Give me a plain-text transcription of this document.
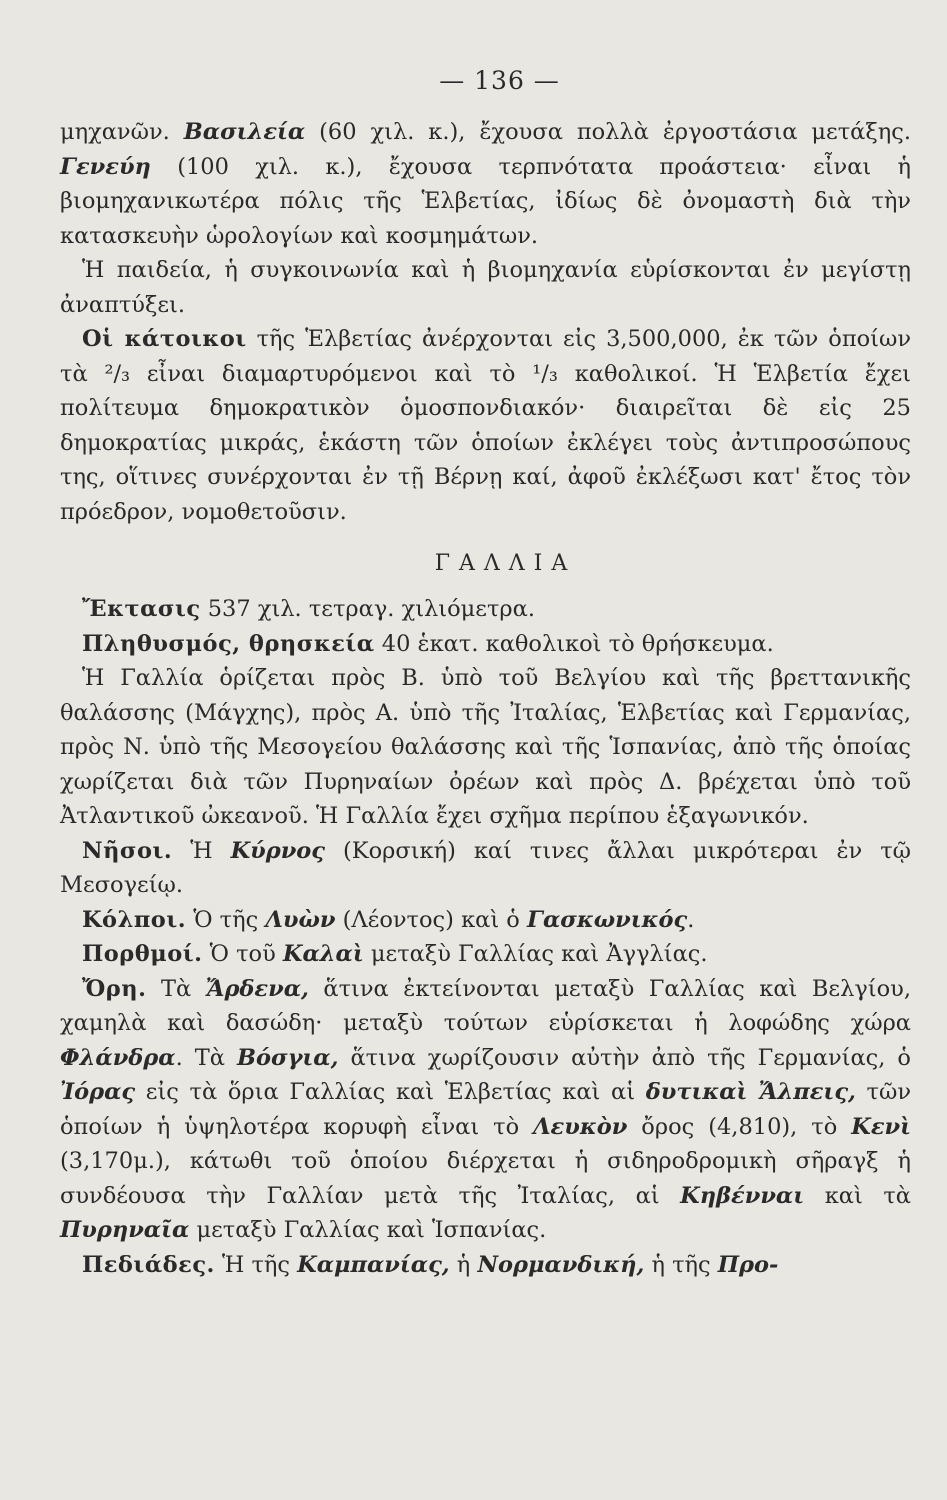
— 136 —

μηχανῶν. Βασιλεία (60 χιλ. κ.), ἔχουσα πολλὰ ἐργοστάσια μετάξης. Γενεύη (100 χιλ. κ.), ἔχουσα τερπνότατα προάστεια· εἶναι ἡ βιομηχανικωτέρα πόλις τῆς Ἑλβετίας, ἰδίως δὲ ὀνομαστὴ διὰ τὴν κατασκευὴν ὡρολογίων καὶ κοσμημάτων.

Ἡ παιδεία, ἡ συγκοινωνία καὶ ἡ βιομηχανία εὑρίσκονται ἐν μεγίστῃ ἀναπτύξει.

Οἱ κάτοικοι τῆς Ἑλβετίας ἀνέρχονται εἰς 3,500,000, ἐκ τῶν ὁποίων τὰ ²/₃ εἶναι διαμαρτυρόμενοι καὶ τὸ ¹/₃ καθολικοί. Ἡ Ἑλβετία ἔχει πολίτευμα δημοκρατικὸν ὁμοσπονδιακόν· διαιρεῖται δὲ εἰς 25 δημοκρατίας μικράς, ἑκάστη τῶν ὁποίων ἐκλέγει τοὺς ἀντιπροσώπους της, οἵτινες συνέρχονται ἐν τῇ Βέρνῃ καί, ἀφοῦ ἐκλέξωσι κατ' ἔτος τὸν πρόεδρον, νομοθετοῦσιν.

ΓΑΛΛΙΑ

Ἔκτασις 537 χιλ. τετραγ. χιλιόμετρα.

Πληθυσμός, θρησκεία 40 ἑκατ. καθολικοὶ τὸ θρήσκευμα.

Ἡ Γαλλία ὁρίζεται πρὸς Β. ὑπὸ τοῦ Βελγίου καὶ τῆς βρεττανικῆς θαλάσσης (Μάγχης), πρὸς Α. ὑπὸ τῆς Ἰταλίας, Ἑλβετίας καὶ Γερμανίας, πρὸς Ν. ὑπὸ τῆς Μεσογείου θαλάσσης καὶ τῆς Ἱσπανίας, ἀπὸ τῆς ὁποίας χωρίζεται διὰ τῶν Πυρηναίων ὀρέων καὶ πρὸς Δ. βρέχεται ὑπὸ τοῦ Ἀτλαντικοῦ ὠκεανοῦ. Ἡ Γαλλία ἔχει σχῆμα περίπου ἑξαγωνικόν.

Νῆσοι. Ἡ Κύρνος (Κορσική) καί τινες ἄλλαι μικρότεραι ἐν τῷ Μεσογείῳ.

Κόλποι. Ὁ τῆς Λυὼν (Λέοντος) καὶ ὁ Γασκωνικός.

Πορθμοί. Ὁ τοῦ Καλαὶ μεταξὺ Γαλλίας καὶ Ἀγγλίας.

Ὄρη. Τὰ Ἄρδενα, ἅτινα ἐκτείνονται μεταξὺ Γαλλίας καὶ Βελγίου, χαμηλὰ καὶ δασώδη· μεταξὺ τούτων εὑρίσκεται ἡ λοφώδης χώρα Φλάνδρα. Τὰ Βόσγια, ἅτινα χωρίζουσιν αὐτὴν ἀπὸ τῆς Γερμανίας, ὁ Ἰόρας εἰς τὰ ὅρια Γαλλίας καὶ Ἑλβετίας καὶ αἱ δυτικαὶ Ἄλπεις, τῶν ὁποίων ἡ ὑψηλοτέρα κορυφὴ εἶναι τὸ Λευκὸν ὄρος (4,810), τὸ Κενὶ (3,170μ.), κάτωθι τοῦ ὁποίου διέρχεται ἡ σιδηροδρομικὴ σῆραγξ ἡ συνδέουσα τὴν Γαλλίαν μετὰ τῆς Ἰταλίας, αἱ Κηβένναι καὶ τὰ Πυρηναῖα μεταξὺ Γαλλίας καὶ Ἱσπανίας.

Πεδιάδες. Ἡ τῆς Καμπανίας, ἡ Νορμανδική, ἡ τῆς Προ-
